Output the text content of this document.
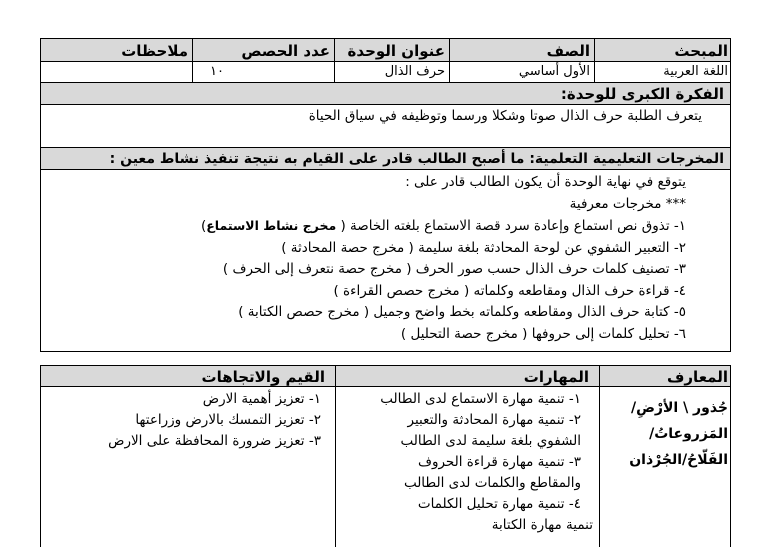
المبحث
الصف
عنوان الوحدة
عدد الحصص
ملاحظات
اللغة العربية
الأول أساسي
حرف الذال
١٠
الفكرة الكبرى للوحدة:
يتعرف الطلبة حرف الذال صوتا وشكلا ورسما وتوظيفه في سياق الحياة
المخرجات التعليمية التعلمية: ما أصبح الطالب قادر على القيام به نتيجة تنفيذ نشاط معين :
يتوقع في نهاية الوحدة أن يكون الطالب قادر على :
*** مخرجات معرفية
١- تذوق نص استماع وإعادة سرد قصة الاستماع بلغته الخاصة ( مخرج نشاط الاستماع)
٢- التعبير الشفوي عن لوحة المحادثة بلغة سليمة ( مخرج حصة المحادثة )
٣- تصنيف كلمات حرف الذال حسب صور الحرف ( مخرج حصة نتعرف إلى الحرف )
٤- قراءة حرف الذال ومقاطعه وكلماته ( مخرج حصص القراءة )
٥- كتابة حرف الذال ومقاطعه وكلماته بخط واضح وجميل ( مخرج حصص الكتابة )
٦- تحليل كلمات إلى حروفها ( مخرج حصة التحليل )
المعارف
المهارات
القيم والاتجاهات
جُذور \ الأرْضِ/
المَزروعاتُ/
الفَلّاحُ/الجُرْذان
١- تنمية مهارة الاستماع لدى الطالب
٢- تنمية مهارة المحادثة والتعبير
الشفوي بلغة سليمة لدى الطالب
٣- تنمية مهارة قراءة الحروف
والمقاطع والكلمات لدى الطالب
٤- تنمية مهارة تحليل الكلمات
تنمية مهارة الكتابة
١- تعزيز أهمية الارض
٢- تعزيز التمسك بالارض وزراعتها
٣- تعزيز ضرورة المحافظة على الارض
